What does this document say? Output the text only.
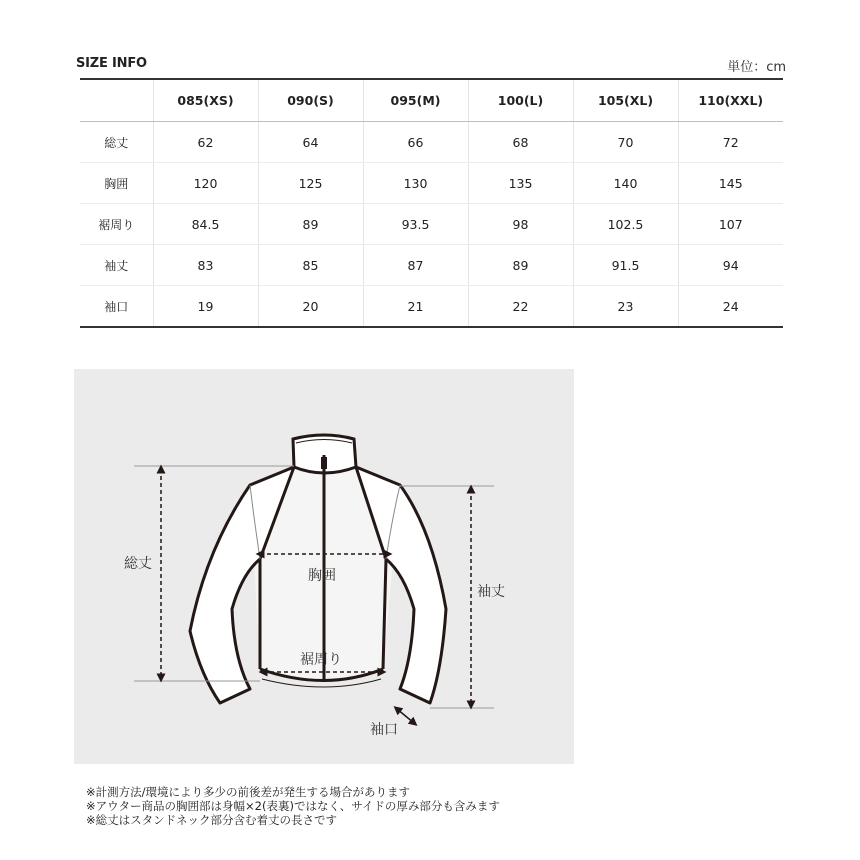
SIZE INFO	単位：cm
	085(XS)	090(S)	095(M)	100(L)	105(XL)	110(XXL)
総丈	62	64	66	68	70	72
胸囲	120	125	130	135	140	145
裾周り	84.5	89	93.5	98	102.5	107
袖丈	83	85	87	89	91.5	94
袖口	19	20	21	22	23	24
総丈
胸囲
裾周り
袖丈
袖口
※計測方法/環境により多少の前後差が発生する場合があります
※アウター商品の胸囲部は身幅×2(表裏)ではなく、サイドの厚み部分も含みます
※総丈はスタンドネック部分含む着丈の長さです
